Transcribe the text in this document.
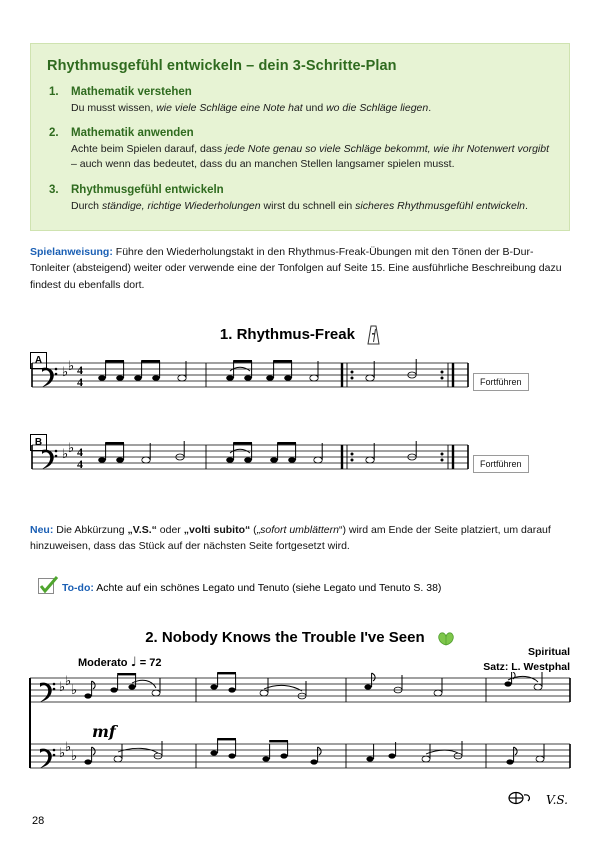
Rhythmusgefühl entwickeln – dein 3-Schritte-Plan
1. Mathematik verstehen
Du musst wissen, wie viele Schläge eine Note hat und wo die Schläge liegen.
2. Mathematik anwenden
Achte beim Spielen darauf, dass jede Note genau so viele Schläge bekommt, wie ihr Notenwert vorgibt – auch wenn das bedeutet, dass du an manchen Stellen langsamer spielen musst.
3. Rhythmusgefühl entwickeln
Durch ständige, richtige Wiederholungen wirst du schnell ein sicheres Rhythmusgefühl entwickeln.
Spielanweisung: Führe den Wiederholungstakt in den Rhythmus-Freak-Übungen mit den Tönen der B-Dur-Tonleiter (absteigend) weiter oder verwende eine der Tonfolgen auf Seite 15. Eine ausführliche Beschreibung dazu findest du ebenfalls dort.
1. Rhythmus-Freak
A
B
♭ ♭ 4
4	Fortführen
♭ ♭ 4
4	Fortführen
Neu: Die Abkürzung „V.S.“ oder „volti subito“ („sofort umblättern“) wird am Ende der Seite platziert, um darauf hinzuweisen, dass das Stück auf der nächsten Seite fortgesetzt wird.
To-do: Achte auf ein schönes Legato und Tenuto (siehe Legato und Tenuto S. 38)
2. Nobody Knows the Trouble I've Seen
Spiritual
Satz: L. Westphal
Moderato ♩ = 72
♭ ♭
♭
♭ ♭
♭
mf
V.S.
28
